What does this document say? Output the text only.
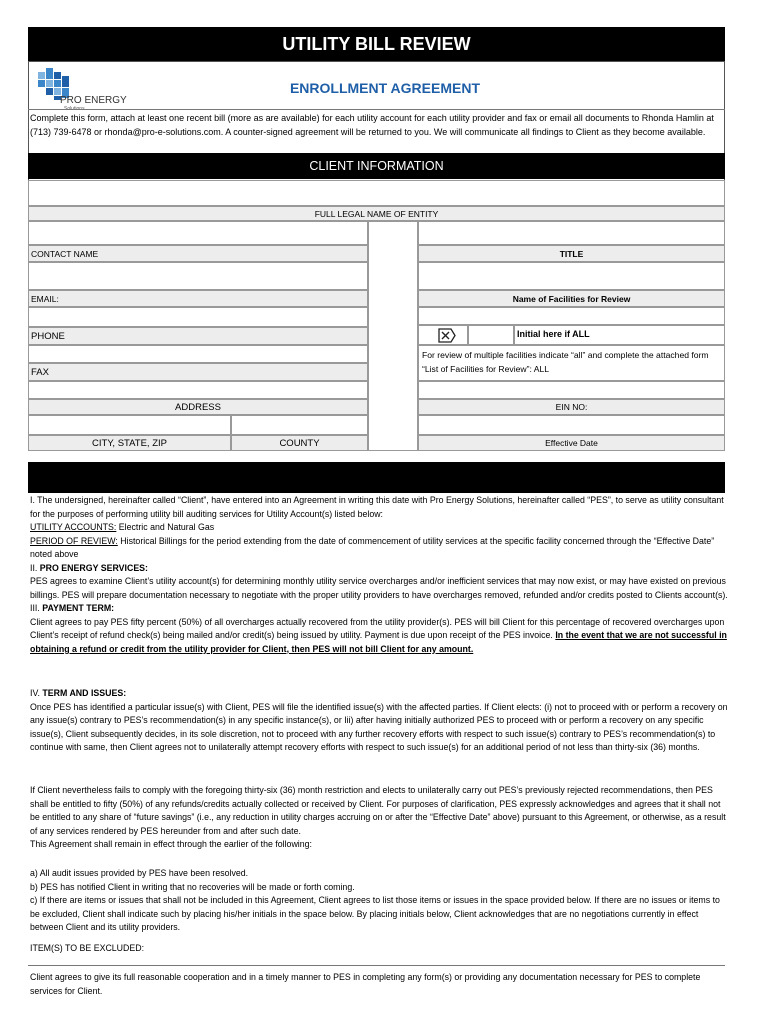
UTILITY BILL REVIEW
PRO ENERGY
ENROLLMENT AGREEMENT
Complete this form, attach at least one recent bill (more as are available) for each utility account for each utility provider and fax or email all documents to Rhonda Hamlin at (713) 739-6478 or rhonda@pro-e-solutions.com. A counter-signed agreement will be returned to you. We will communicate all findings to Client as they become available.
CLIENT INFORMATION
FULL LEGAL NAME OF ENTITY
CONTACT NAME
EMAIL:
PHONE
FAX
ADDRESS
CITY, STATE, ZIP	COUNTY
TITLE
Name of Facilities for Review
Initial here if ALL
For review of multiple facilities indicate “all” and complete the attached form “List of Facilities for Review”: ALL
EIN NO:
Effective Date

I. The undersigned, hereinafter called “Client”, have entered into an Agreement in writing this date with Pro Energy Solutions, hereinafter called “PES”, to serve as utility consultant for the purposes of performing utility bill auditing services for Utility Account(s) listed below:

UTILITY ACCOUNTS: Electric and Natural Gas

PERIOD OF REVIEW: Historical Billings for the period extending from the date of commencement of utility services at the specific facility concerned through the “Effective Date” noted above

II. PRO ENERGY SERVICES:

PES agrees to examine Client’s utility account(s) for determining monthly utility service overcharges and/or inefficient services that may now exist, or may have existed on previous billings. PES will prepare documentation necessary to negotiate with the proper utility providers to have overcharges removed, refunded and/or credits posted to Clients account(s).

III. PAYMENT TERM:

Client agrees to pay PES fifty percent (50%) of all overcharges actually recovered from the utility provider(s). PES will bill Client for this percentage of recovered overcharges upon Client’s receipt of refund check(s) being mailed and/or credit(s) being issued by utility. Payment is due upon receipt of the PES invoice. In the event that we are not successful in obtaining a refund or credit from the utility provider for Client, then PES will not bill Client for any amount.

IV. TERM AND ISSUES:

Once PES has identified a particular issue(s) with Client, PES will file the identified issue(s) with the affected parties. If Client elects: (i) not to proceed with or perform a recovery on any issue(s) contrary to PES’s recommendation(s) in any specific instance(s), or Iii) after having initially authorized PES to proceed with or perform a recovery on any specific issue(s), Client subsequently decides, in its sole discretion, not to proceed with any further recovery efforts with respect to such issue(s) contrary to PES’s recommendation(s) to continue with same, then Client agrees not to unilaterally attempt recovery efforts with respect to such issue(s) for an additional period of not less than thirty-six (36) months.

If Client nevertheless fails to comply with the foregoing thirty-six (36) month restriction and elects to unilaterally carry out PES’s previously rejected recommendations, then PES shall be entitled to fifty (50%) of any refunds/credits actually collected or received by Client. For purposes of clarification, PES expressly acknowledges and agrees that it shall not be entitled to any share of “future savings” (i.e., any reduction in utility charges accruing on or after the “Effective Date” above) pursuant to this Agreement, or otherwise, as a result of any services rendered by PES hereunder from and after such date.

This Agreement shall remain in effect through the earlier of the following:

a) All audit issues provided by PES have been resolved.

b) PES has notified Client in writing that no recoveries will be made or forth coming.

c) If there are items or issues that shall not be included in this Agreement, Client agrees to list those items or issues in the space provided below. If there are no issues or items to be excluded, Client shall indicate such by placing his/her initials in the space below. By placing initials below, Client acknowledges that are no negotiations currently in effect between Client and its utility providers.

ITEM(S) TO BE EXCLUDED:
Client agrees to give its full reasonable cooperation and in a timely manner to PES in completing any form(s) or providing any documentation necessary for PES to complete services for Client.
